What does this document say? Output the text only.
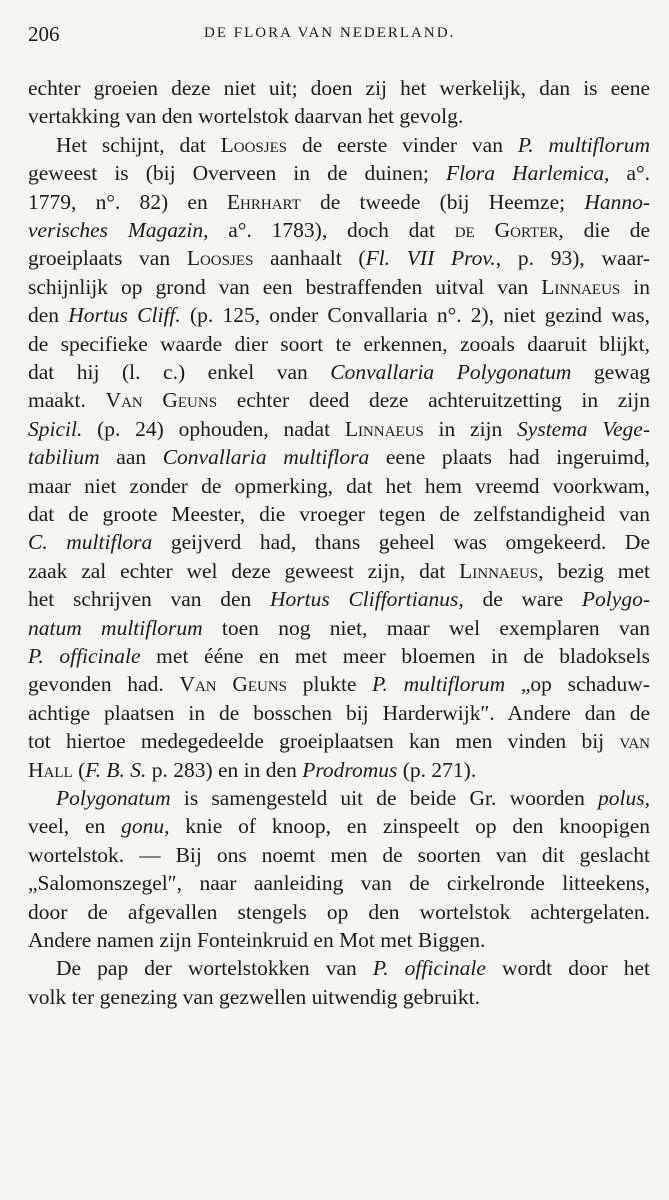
206	DE FLORA VAN NEDERLAND.
echter groeien deze niet uit; doen zij het werkelijk, dan is eene
vertakking van den wortelstok daarvan het gevolg.
Het schijnt, dat Loosjes de eerste vinder van P. multiflorum
geweest is (bij Overveen in de duinen; Flora Harlemica, a°.
1779, n°. 82) en Ehrhart de tweede (bij Heemze; Hanno-
verisches Magazin, a°. 1783), doch dat de Gorter, die de
groeiplaats van Loosjes aanhaalt (Fl. VII Prov., p. 93), waar-
schijnlijk op grond van een bestraffenden uitval van Linnaeus in
den Hortus Cliff. (p. 125, onder Convallaria n°. 2), niet gezind was,
de specifieke waarde dier soort te erkennen, zooals daaruit blijkt,
dat hij (l. c.) enkel van Convallaria Polygonatum gewag
maakt. Van Geuns echter deed deze achteruitzetting in zijn
Spicil. (p. 24) ophouden, nadat Linnaeus in zijn Systema Vege-
tabilium aan Convallaria multiflora eene plaats had ingeruimd,
maar niet zonder de opmerking, dat het hem vreemd voorkwam,
dat de groote Meester, die vroeger tegen de zelfstandigheid van
C. multiflora geijverd had, thans geheel was omgekeerd. De
zaak zal echter wel deze geweest zijn, dat Linnaeus, bezig met
het schrijven van den Hortus Cliffortianus, de ware Polygo-
natum multiflorum toen nog niet, maar wel exemplaren van
P. officinale met ééne en met meer bloemen in de bladoksels
gevonden had. Van Geuns plukte P. multiflorum „op schaduw-
achtige plaatsen in de bosschen bij Harderwijk″. Andere dan de
tot hiertoe medegedeelde groeiplaatsen kan men vinden bij van
Hall (F. B. S. p. 283) en in den Prodromus (p. 271).
Polygonatum is samengesteld uit de beide Gr. woorden polus,
veel, en gonu, knie of knoop, en zinspeelt op den knoopigen
wortelstok. — Bij ons noemt men de soorten van dit geslacht
„Salomonszegel″, naar aanleiding van de cirkelronde litteekens,
door de afgevallen stengels op den wortelstok achtergelaten.
Andere namen zijn Fonteinkruid en Mot met Biggen.
De pap der wortelstokken van P. officinale wordt door het
volk ter genezing van gezwellen uitwendig gebruikt.
